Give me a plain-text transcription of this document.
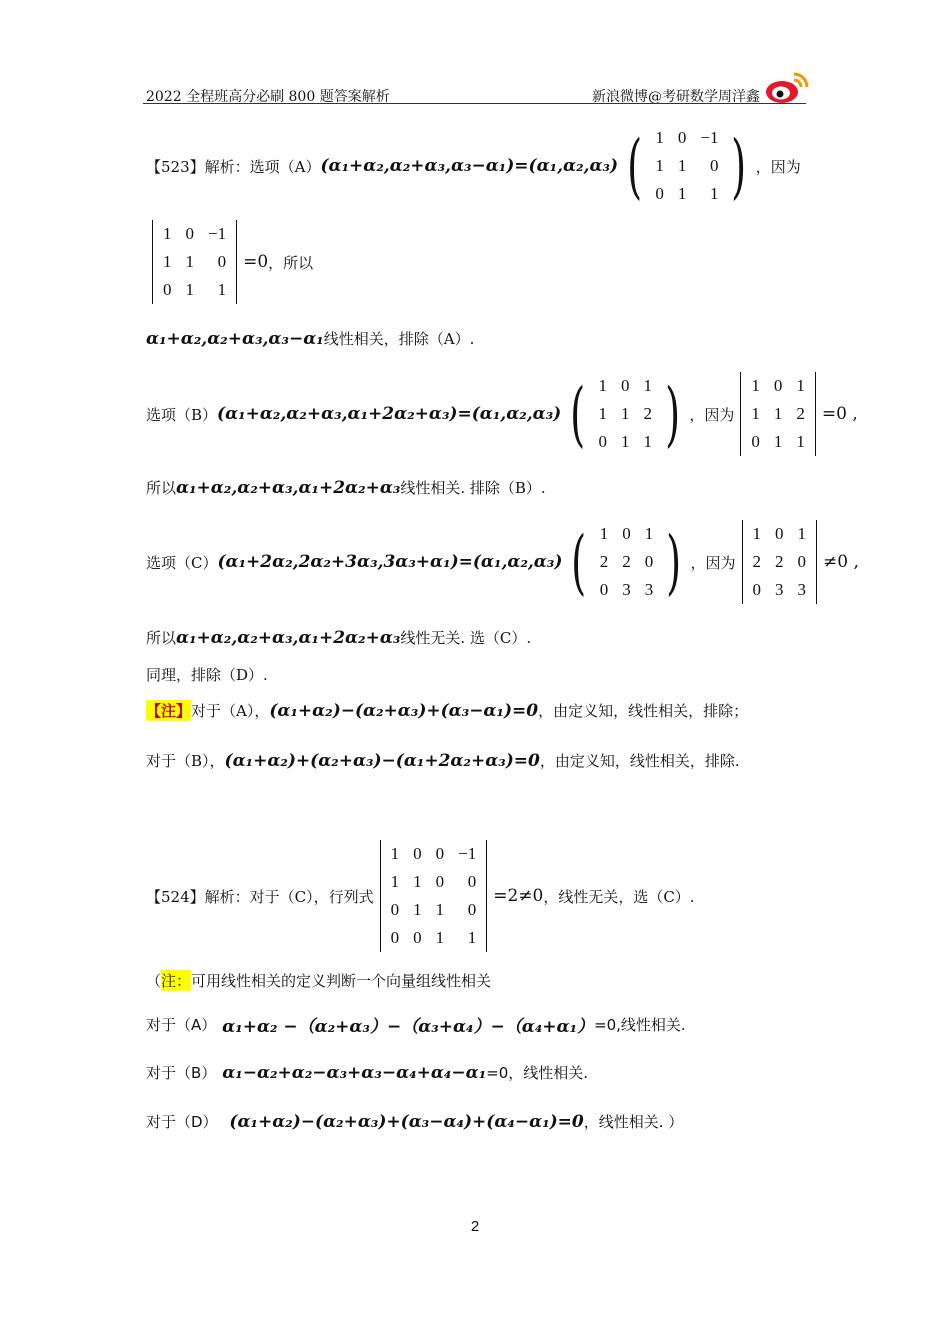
2022 全程班高分必刷 800 题答案解析	新浪微博@考研数学周洋鑫
【523】解析：选项（A） (α₁+α₂,α₂+α₃,α₃−α₁)=(α₁,α₂,α₃) ( 1	0	−1
1	1	0
0	1	1 ) ，因为
1	0	−1
1	1	0
0	1	1
=0 ，所以
α₁+α₂,α₂+α₃,α₃−α₁ 线性相关，排除（A）.
选项（B） (α₁+α₂,α₂+α₃,α₁+2α₂+α₃)=(α₁,α₂,α₃) ( 1	0	1
1	1	2
0	1	1 ) ，因为
1	0	1
1	1	2
0	1	1
=0 ,
所以 α₁+α₂,α₂+α₃,α₁+2α₂+α₃ 线性相关. 排除（B）.
选项（C） (α₁+2α₂,2α₂+3α₃,3α₃+α₁)=(α₁,α₂,α₃) ( 1	0	1
2	2	0
0	3	3 ) ，因为
1	0	1
2	2	0
0	3	3
≠0 ,
所以 α₁+α₂,α₂+α₃,α₁+2α₂+α₃ 线性无关. 选（C）.
同理，排除（D）.
【注】 对于（A）， (α₁+α₂)−(α₂+α₃)+(α₃−α₁)=0 ，由定义知，线性相关，排除；
对于（B）， (α₁+α₂)+(α₂+α₃)−(α₁+2α₂+α₃)=0 ，由定义知，线性相关，排除.
【524】解析：对于（C），行列式
1	0	0	−1
1	1	0	0
0	1	1	0
0	0	1	1
=2≠0 ，线性无关，选（C）.
（ 注： 可用线性相关的定义判断一个向量组线性相关
对于（A） α₁+α₂ −（α₂+α₃）−（α₃+α₄）−（α₄+α₁） =0,线性相关.
对于（B） α₁−α₂+α₂−α₃+α₃−α₄+α₄−α₁ =0，线性相关.
对于（D） (α₁+α₂)−(α₂+α₃)+(α₃−α₄)+(α₄−α₁)=0 ，线性相关. ）
2
